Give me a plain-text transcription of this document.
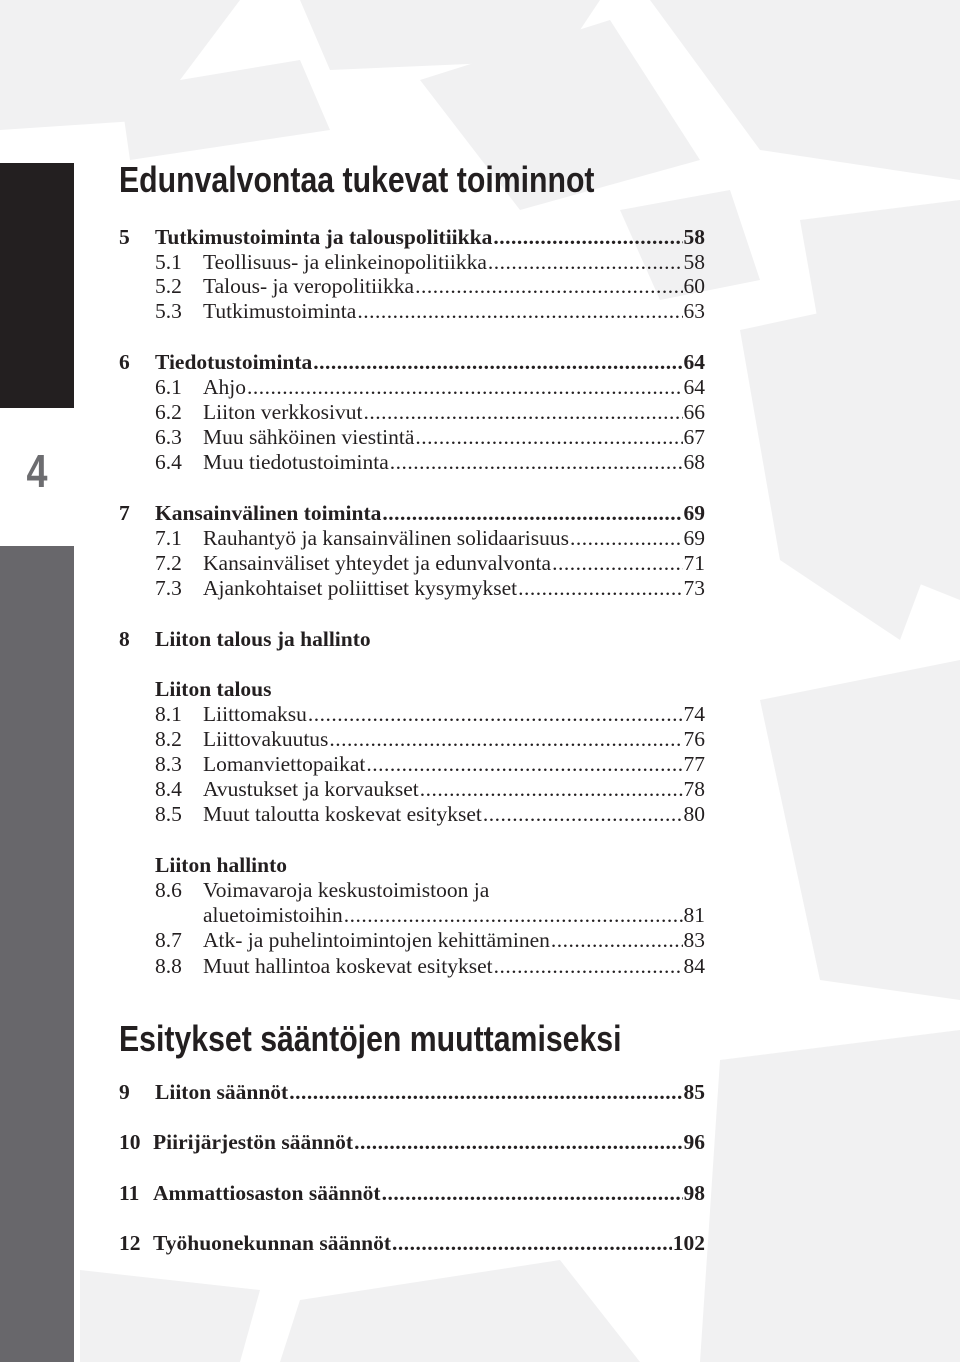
4
Edunvalvontaa tukevat toiminnot
5	Tutkimustoiminta ja talouspolitiikka .....	58
5.1 Teollisuus- ja elinkeinopolitiikka .....	58
5.2 Talous- ja veropolitiikka .....	60
5.3 Tutkimustoiminta .....	63
6	Tiedotustoiminta .....	64
6.1 Ahjo .....	64
6.2 Liiton verkkosivut .....	66
6.3 Muu sähköinen viestintä .....	67
6.4 Muu tiedotustoiminta .....	68
7	Kansainvälinen toiminta .....	69
7.1 Rauhantyö ja kansainvälinen solidaarisuus .....	69
7.2 Kansainväliset yhteydet ja edunvalvonta .....	71
7.3 Ajankohtaiset poliittiset kysymykset .....	73
8 Liiton talous ja hallinto
Liiton talous
8.1 Liittomaksu .....	74
8.2 Liittovakuutus .....	76
8.3 Lomanviettopaikat .....	77
8.4 Avustukset ja korvaukset .....	78
8.5 Muut taloutta koskevat esitykset .....	80
Liiton hallinto
8.6 Voimavaroja keskustoimistoon ja
aluetoimistoihin .....	81
8.7 Atk- ja puhelintoimintojen kehittäminen .....	83
8.8 Muut hallintoa koskevat esitykset .....	84
Esitykset sääntöjen muuttamiseksi
9	Liiton säännöt .....	85
10 Piirijärjestön säännöt .....	96
11 Ammattiosaston säännöt .....	98
12 Työhuonekunnan säännöt .....	102
